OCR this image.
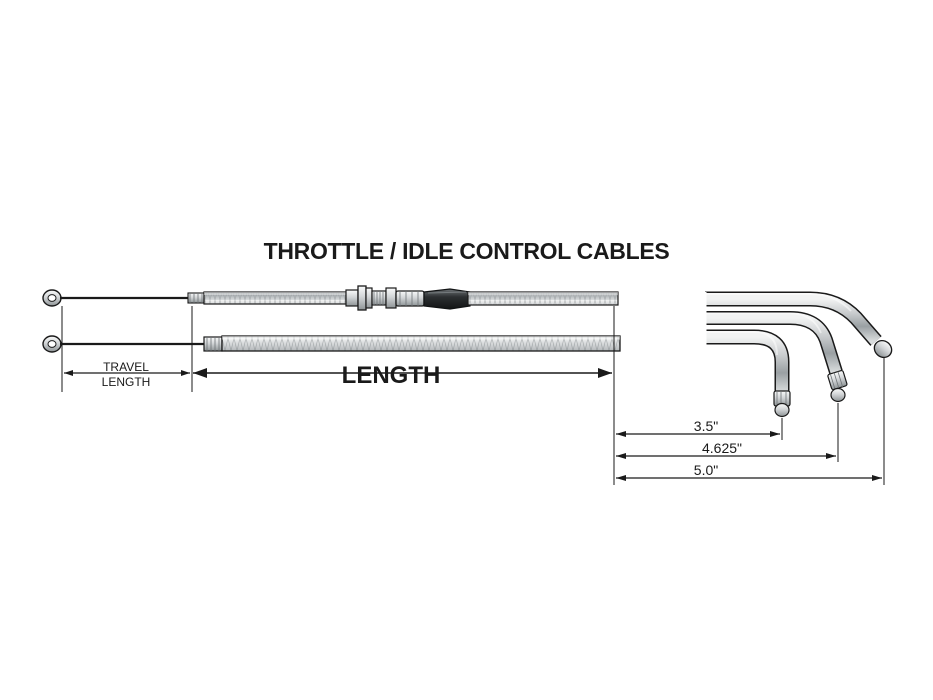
THROTTLE / IDLE CONTROL CABLES
TRAVEL
LENGTH	LENGTH
3.5"
4.625"
5.0"
